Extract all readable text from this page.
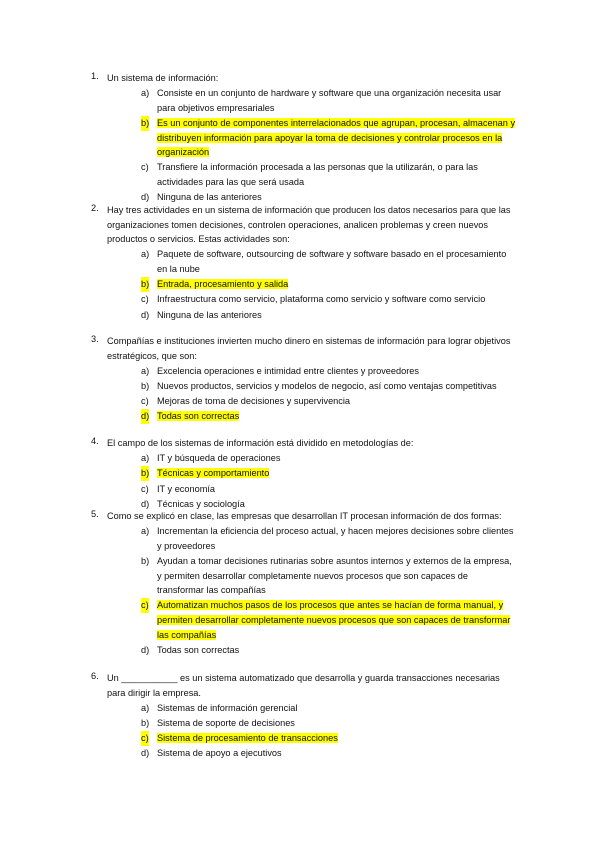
1. Un sistema de información:
a) Consiste en un conjunto de hardware y software que una organización necesita usar para objetivos empresariales
b) Es un conjunto de componentes interrelacionados que agrupan, procesan, almacenan y distribuyen información para apoyar la toma de decisiones y controlar procesos en la organización
c) Transfiere la información procesada a las personas que la utilizarán, o para las actividades para las que será usada
d) Ninguna de las anteriores
2. Hay tres actividades en un sistema de información que producen los datos necesarios para que las organizaciones tomen decisiones, controlen operaciones, analicen problemas y creen nuevos productos o servicios. Estas actividades son:
a) Paquete de software, outsourcing de software y software basado en el procesamiento en la nube
b) Entrada, procesamiento y salida
c) Infraestructura como servicio, plataforma como servicio y software como servicio
d) Ninguna de las anteriores
3. Compañías e instituciones invierten mucho dinero en sistemas de información para lograr objetivos estratégicos, que son:
a) Excelencia operaciones e intimidad entre clientes y proveedores
b) Nuevos productos, servicios y modelos de negocio, así como ventajas competitivas
c) Mejoras de toma de decisiones y supervivencia
d) Todas son correctas
4. El campo de los sistemas de información está dividido en metodologías de:
a) IT y búsqueda de operaciones
b) Técnicas y comportamiento
c) IT y economía
d) Técnicas y sociología
5. Como se explicó en clase, las empresas que desarrollan IT procesan información de dos formas:
a) Incrementan la eficiencia del proceso actual, y hacen mejores decisiones sobre clientes y proveedores
b) Ayudan a tomar decisiones rutinarias sobre asuntos internos y externos de la empresa, y permiten desarrollar completamente nuevos procesos que son capaces de transformar las compañías
c) Automatizan muchos pasos de los procesos que antes se hacían de forma manual, y permiten desarrollar completamente nuevos procesos que son capaces de transformar las compañías
d) Todas son correctas
6. Un ___________ es un sistema automatizado que desarrolla y guarda transacciones necesarias para dirigir la empresa.
a) Sistemas de información gerencial
b) Sistema de soporte de decisiones
c) Sistema de procesamiento de transacciones
d) Sistema de apoyo a ejecutivos
